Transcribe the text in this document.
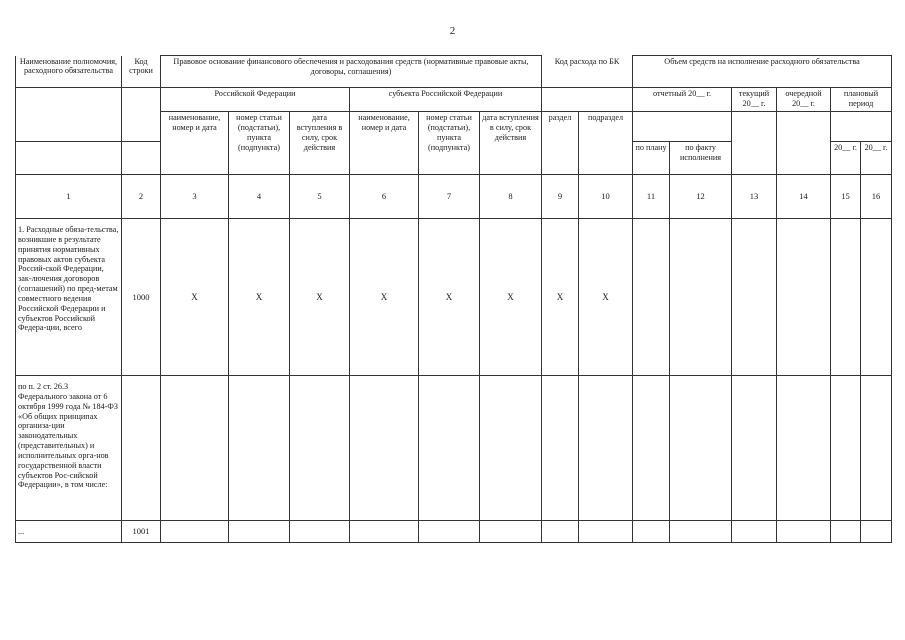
2
Наименование полномочия, расходного обязательства	Код строки	Правовое основание финансового обеспечения и расходования средств (нормативные правовые акты, договоры, соглашения)						Код расхода по БК		Объем средств на исполнение расходного обязательства						
		Российской Федерации			субъекта Российской Федерации					отчетный 20__ г.		текущий 20__ г.	очередной 20__ г.	плановый период		
		наименование, номер и дата	номер статьи (подстатьи), пункта (подпункта)	дата вступления в силу, срок действия	наименование, номер и дата	номер статьи (подстатьи), пункта (подпункта)	дата вступления в силу, срок действия	раздел	подраздел							
										по плану	по факту исполнения			20__ г.	20__ г.	
1	2	3	4	5	6	7	8	9	10	11	12	13	14	15	16	
1. Расходные обяза-тельства, возникшие в результате принятия нормативных правовых актов субъекта Россий-ской Федерации, зак-лючения договоров (соглашений) по пред-метам совместного ведения Российской Федерации и субъектов Российской Федера-ции, всего	1000	X	X	X	X	X	X	X	X							
по п. 2 ст. 26.3 Федерального закона от 6 октября 1999 года № 184-ФЗ «Об общих принципах организа-ции законодательных (представительных) и исполнительных орга-нов государственной власти субъектов Рос-сийской Федерации», в том числе:																	
...	1001																
